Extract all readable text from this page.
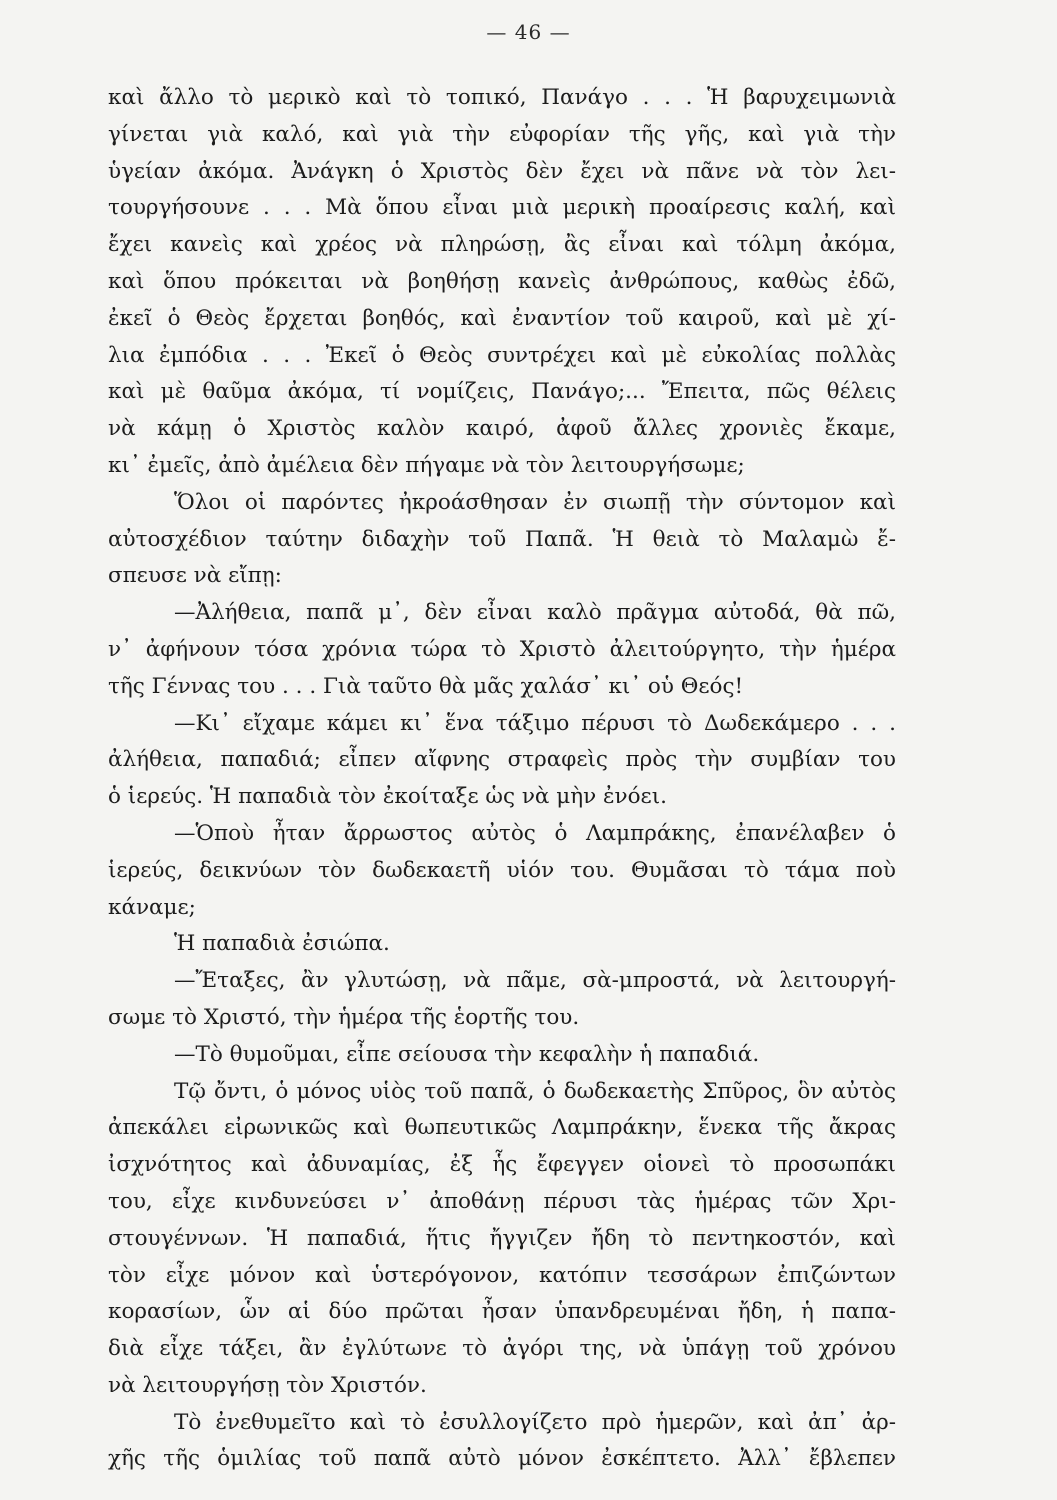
— 46 —
καὶ ἄλλο τὸ μερικὸ καὶ τὸ τοπικό, Πανάγο . . . Ἡ βαρυχειμωνιὰ
γίνεται γιὰ καλό, καὶ γιὰ τὴν εὐφορίαν τῆς γῆς, καὶ γιὰ τὴν
ὑγείαν ἀκόμα. Ἀνάγκη ὁ Χριστὸς δὲν ἔχει νὰ πᾶνε νὰ τὸν λει-
τουργήσουνε . . . Μὰ ὅπου εἶναι μιὰ μερικὴ προαίρεσις καλή, καὶ
ἔχει κανεὶς καὶ χρέος νὰ πληρώσῃ, ἂς εἶναι καὶ τόλμη ἀκόμα,
καὶ ὅπου πρόκειται νὰ βοηθήσῃ κανεὶς ἀνθρώπους, καθὼς ἐδῶ,
ἐκεῖ ὁ Θεὸς ἔρχεται βοηθός, καὶ ἐναντίον τοῦ καιροῦ, καὶ μὲ χί-
λια ἐμπόδια . . . Ἐκεῖ ὁ Θεὸς συντρέχει καὶ μὲ εὐκολίας πολλὰς
καὶ μὲ θαῦμα ἀκόμα, τί νομίζεις, Πανάγο;... Ἔπειτα, πῶς θέλεις
νὰ κάμῃ ὁ Χριστὸς καλὸν καιρό, ἀφοῦ ἄλλες χρονιὲς ἔκαμε,
κι᾿ ἐμεῖς, ἀπὸ ἀμέλεια δὲν πήγαμε νὰ τὸν λειτουργήσωμε;
Ὅλοι οἱ παρόντες ἠκροάσθησαν ἐν σιωπῇ τὴν σύντομον καὶ
αὐτοσχέδιον ταύτην διδαχὴν τοῦ Παπᾶ. Ἡ θειὰ τὸ Μαλαμὼ ἔ-
σπευσε νὰ εἴπῃ:
—Ἀλήθεια, παπᾶ μ᾿, δὲν εἶναι καλὸ πρᾶγμα αὐτοδά, θὰ πῶ,
ν᾿ ἀφήνουν τόσα χρόνια τώρα τὸ Χριστὸ ἀλειτούργητο, τὴν ἡμέρα
τῆς Γέννας του . . . Γιὰ ταῦτο θὰ μᾶς χαλάσ᾿ κι᾿ οὑ Θεός!
—Κι᾿ εἴχαμε κάμει κι᾿ ἕνα τάξιμο πέρυσι τὸ Δωδεκάμερο . . .
ἀλήθεια, παπαδιά; εἶπεν αἴφνης στραφεὶς πρὸς τὴν συμβίαν του
ὁ ἱερεύς. Ἡ παπαδιὰ τὸν ἐκοίταξε ὡς νὰ μὴν ἐνόει.
—Ὁποὺ ἦταν ἄρρωστος αὐτὸς ὁ Λαμπράκης, ἐπανέλαβεν ὁ
ἱερεύς, δεικνύων τὸν δωδεκαετῆ υἱόν του. Θυμᾶσαι τὸ τάμα ποὺ
κάναμε;
Ἡ παπαδιὰ ἐσιώπα.
—Ἔταξες, ἂν γλυτώσῃ, νὰ πᾶμε, σὰ-μπροστά, νὰ λειτουργή-
σωμε τὸ Χριστό, τὴν ἡμέρα τῆς ἑορτῆς του.
—Τὸ θυμοῦμαι, εἶπε σείουσα τὴν κεφαλὴν ἡ παπαδιά.
Τῷ ὄντι, ὁ μόνος υἱὸς τοῦ παπᾶ, ὁ δωδεκαετὴς Σπῦρος, ὃν αὐτὸς
ἀπεκάλει εἰρωνικῶς καὶ θωπευτικῶς Λαμπράκην, ἕνεκα τῆς ἄκρας
ἰσχνότητος καὶ ἀδυναμίας, ἐξ ἧς ἔφεγγεν οἱονεὶ τὸ προσωπάκι
του, εἶχε κινδυνεύσει ν᾿ ἀποθάνῃ πέρυσι τὰς ἡμέρας τῶν Χρι-
στουγέννων. Ἡ παπαδιά, ἥτις ἤγγιζεν ἤδη τὸ πεντηκοστόν, καὶ
τὸν εἶχε μόνον καὶ ὑστερόγονον, κατόπιν τεσσάρων ἐπιζώντων
κορασίων, ὧν αἱ δύο πρῶται ἦσαν ὑπανδρευμέναι ἤδη, ἡ παπα-
διὰ εἶχε τάξει, ἂν ἐγλύτωνε τὸ ἀγόρι της, νὰ ὑπάγῃ τοῦ χρόνου
νὰ λειτουργήσῃ τὸν Χριστόν.
Τὸ ἐνεθυμεῖτο καὶ τὸ ἐσυλλογίζετο πρὸ ἡμερῶν, καὶ ἀπ᾿ ἀρ-
χῆς τῆς ὁμιλίας τοῦ παπᾶ αὐτὸ μόνον ἐσκέπτετο. Ἀλλ᾿ ἔβλεπεν
